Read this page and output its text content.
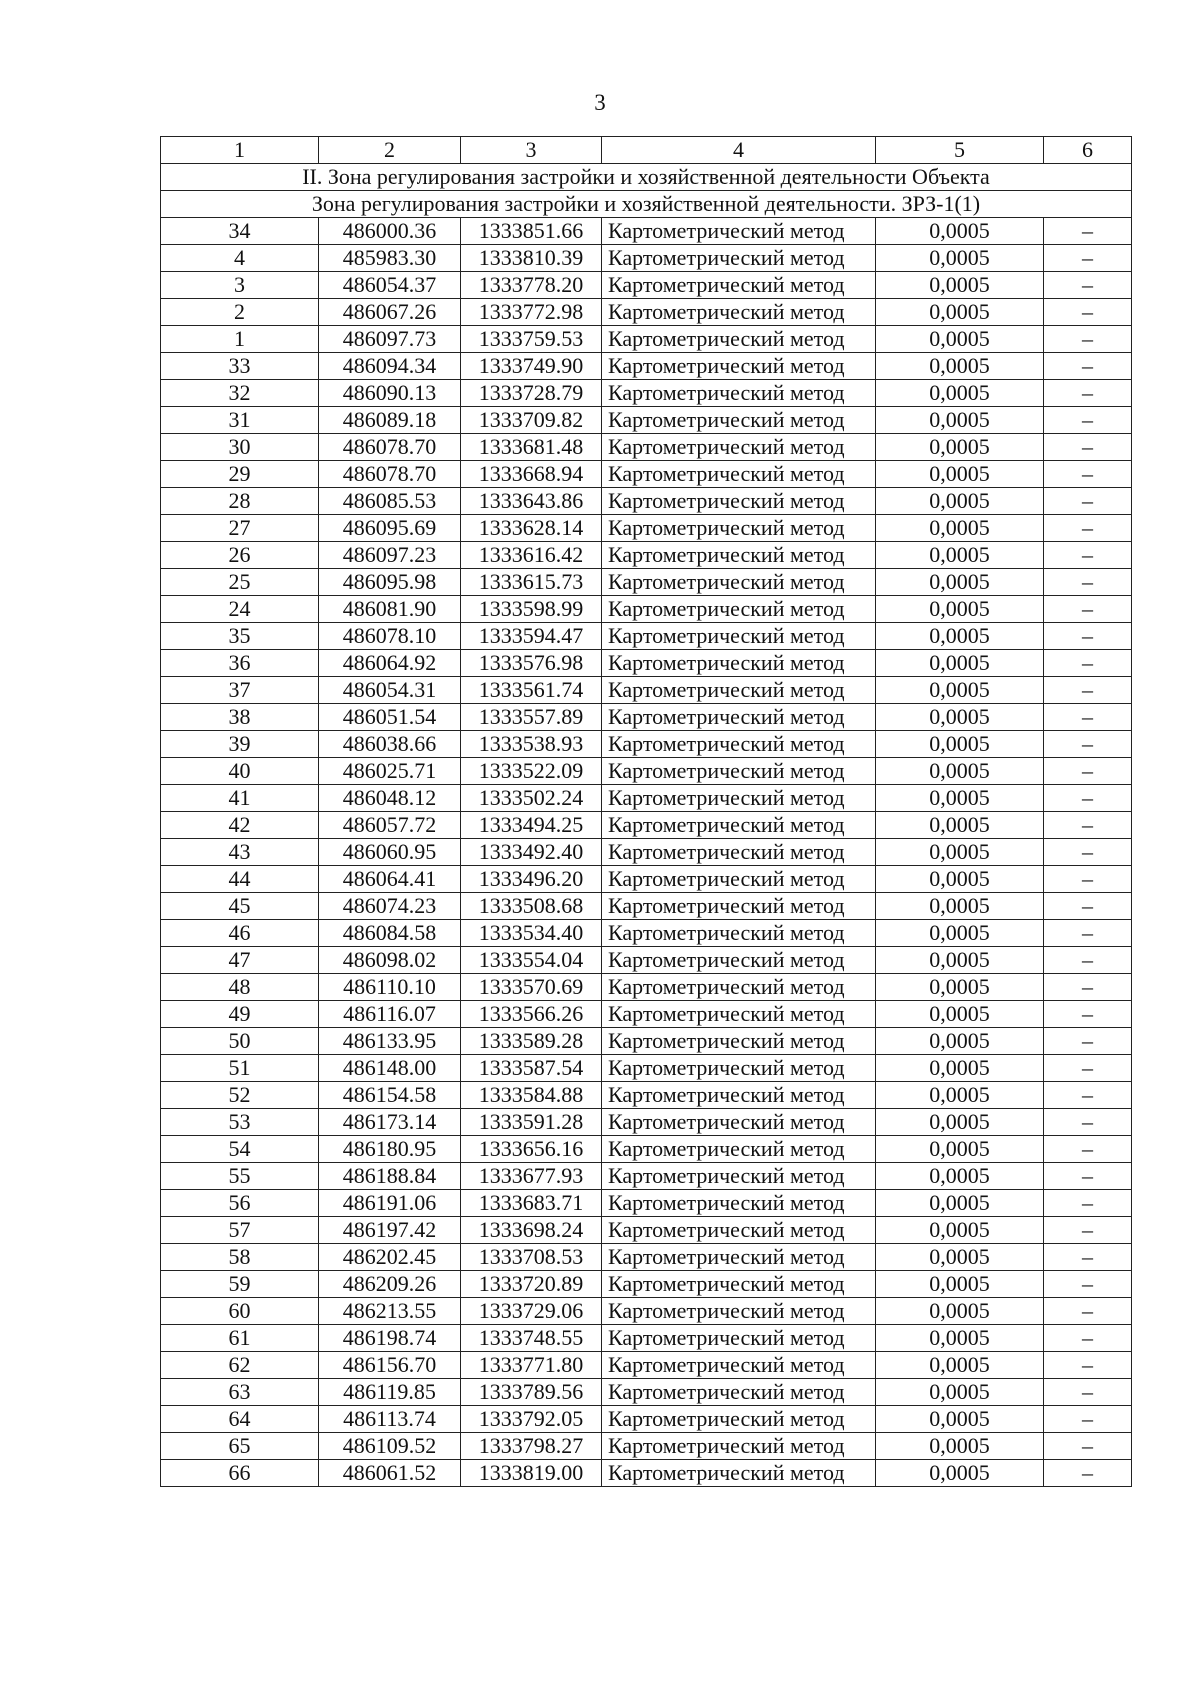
3
1	2	3	4	5	6
II. Зона регулирования застройки и хозяйственной деятельности Объекта					
Зона регулирования застройки и хозяйственной деятельности. ЗРЗ-1(1)					
34	486000.36	1333851.66	Картометрический метод	0,0005	–
4	485983.30	1333810.39	Картометрический метод	0,0005	–
3	486054.37	1333778.20	Картометрический метод	0,0005	–
2	486067.26	1333772.98	Картометрический метод	0,0005	–
1	486097.73	1333759.53	Картометрический метод	0,0005	–
33	486094.34	1333749.90	Картометрический метод	0,0005	–
32	486090.13	1333728.79	Картометрический метод	0,0005	–
31	486089.18	1333709.82	Картометрический метод	0,0005	–
30	486078.70	1333681.48	Картометрический метод	0,0005	–
29	486078.70	1333668.94	Картометрический метод	0,0005	–
28	486085.53	1333643.86	Картометрический метод	0,0005	–
27	486095.69	1333628.14	Картометрический метод	0,0005	–
26	486097.23	1333616.42	Картометрический метод	0,0005	–
25	486095.98	1333615.73	Картометрический метод	0,0005	–
24	486081.90	1333598.99	Картометрический метод	0,0005	–
35	486078.10	1333594.47	Картометрический метод	0,0005	–
36	486064.92	1333576.98	Картометрический метод	0,0005	–
37	486054.31	1333561.74	Картометрический метод	0,0005	–
38	486051.54	1333557.89	Картометрический метод	0,0005	–
39	486038.66	1333538.93	Картометрический метод	0,0005	–
40	486025.71	1333522.09	Картометрический метод	0,0005	–
41	486048.12	1333502.24	Картометрический метод	0,0005	–
42	486057.72	1333494.25	Картометрический метод	0,0005	–
43	486060.95	1333492.40	Картометрический метод	0,0005	–
44	486064.41	1333496.20	Картометрический метод	0,0005	–
45	486074.23	1333508.68	Картометрический метод	0,0005	–
46	486084.58	1333534.40	Картометрический метод	0,0005	–
47	486098.02	1333554.04	Картометрический метод	0,0005	–
48	486110.10	1333570.69	Картометрический метод	0,0005	–
49	486116.07	1333566.26	Картометрический метод	0,0005	–
50	486133.95	1333589.28	Картометрический метод	0,0005	–
51	486148.00	1333587.54	Картометрический метод	0,0005	–
52	486154.58	1333584.88	Картометрический метод	0,0005	–
53	486173.14	1333591.28	Картометрический метод	0,0005	–
54	486180.95	1333656.16	Картометрический метод	0,0005	–
55	486188.84	1333677.93	Картометрический метод	0,0005	–
56	486191.06	1333683.71	Картометрический метод	0,0005	–
57	486197.42	1333698.24	Картометрический метод	0,0005	–
58	486202.45	1333708.53	Картометрический метод	0,0005	–
59	486209.26	1333720.89	Картометрический метод	0,0005	–
60	486213.55	1333729.06	Картометрический метод	0,0005	–
61	486198.74	1333748.55	Картометрический метод	0,0005	–
62	486156.70	1333771.80	Картометрический метод	0,0005	–
63	486119.85	1333789.56	Картометрический метод	0,0005	–
64	486113.74	1333792.05	Картометрический метод	0,0005	–
65	486109.52	1333798.27	Картометрический метод	0,0005	–
66	486061.52	1333819.00	Картометрический метод	0,0005	–
